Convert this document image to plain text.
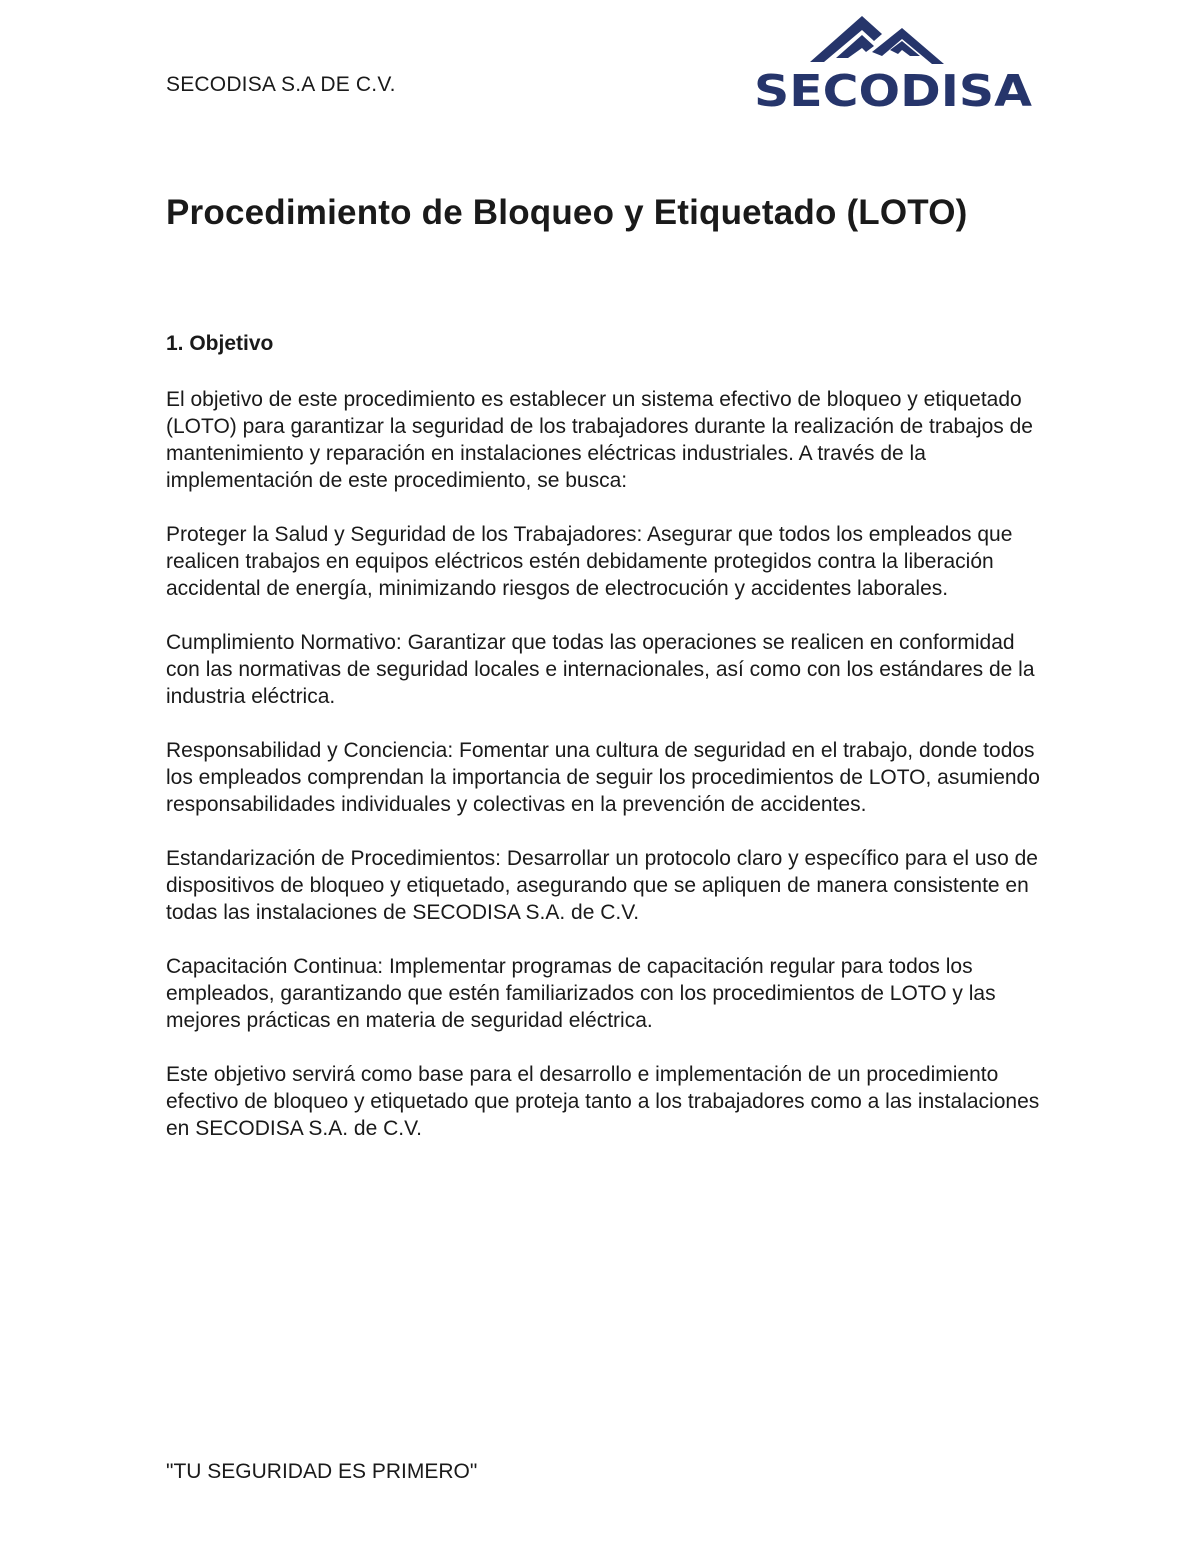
SECODISA S.A DE C.V.	SECODISA
Procedimiento de Bloqueo y Etiquetado (LOTO)
1. Objetivo

El objetivo de este procedimiento es establecer un sistema efectivo de bloqueo y etiquetado (LOTO) para garantizar la seguridad de los trabajadores durante la realización de trabajos de mantenimiento y reparación en instalaciones eléctricas industriales. A través de la implementación de este procedimiento, se busca:

Proteger la Salud y Seguridad de los Trabajadores: Asegurar que todos los empleados que realicen trabajos en equipos eléctricos estén debidamente protegidos contra la liberación accidental de energía, minimizando riesgos de electrocución y accidentes laborales.

Cumplimiento Normativo: Garantizar que todas las operaciones se realicen en conformidad con las normativas de seguridad locales e internacionales, así como con los estándares de la industria eléctrica.

Responsabilidad y Conciencia: Fomentar una cultura de seguridad en el trabajo, donde todos los empleados comprendan la importancia de seguir los procedimientos de LOTO, asumiendo responsabilidades individuales y colectivas en la prevención de accidentes.

Estandarización de Procedimientos: Desarrollar un protocolo claro y específico para el uso de dispositivos de bloqueo y etiquetado, asegurando que se apliquen de manera consistente en todas las instalaciones de SECODISA S.A. de C.V.

Capacitación Continua: Implementar programas de capacitación regular para todos los empleados, garantizando que estén familiarizados con los procedimientos de LOTO y las mejores prácticas en materia de seguridad eléctrica.

Este objetivo servirá como base para el desarrollo e implementación de un procedimiento efectivo de bloqueo y etiquetado que proteja tanto a los trabajadores como a las instalaciones en SECODISA S.A. de C.V.

"TU SEGURIDAD ES PRIMERO"
